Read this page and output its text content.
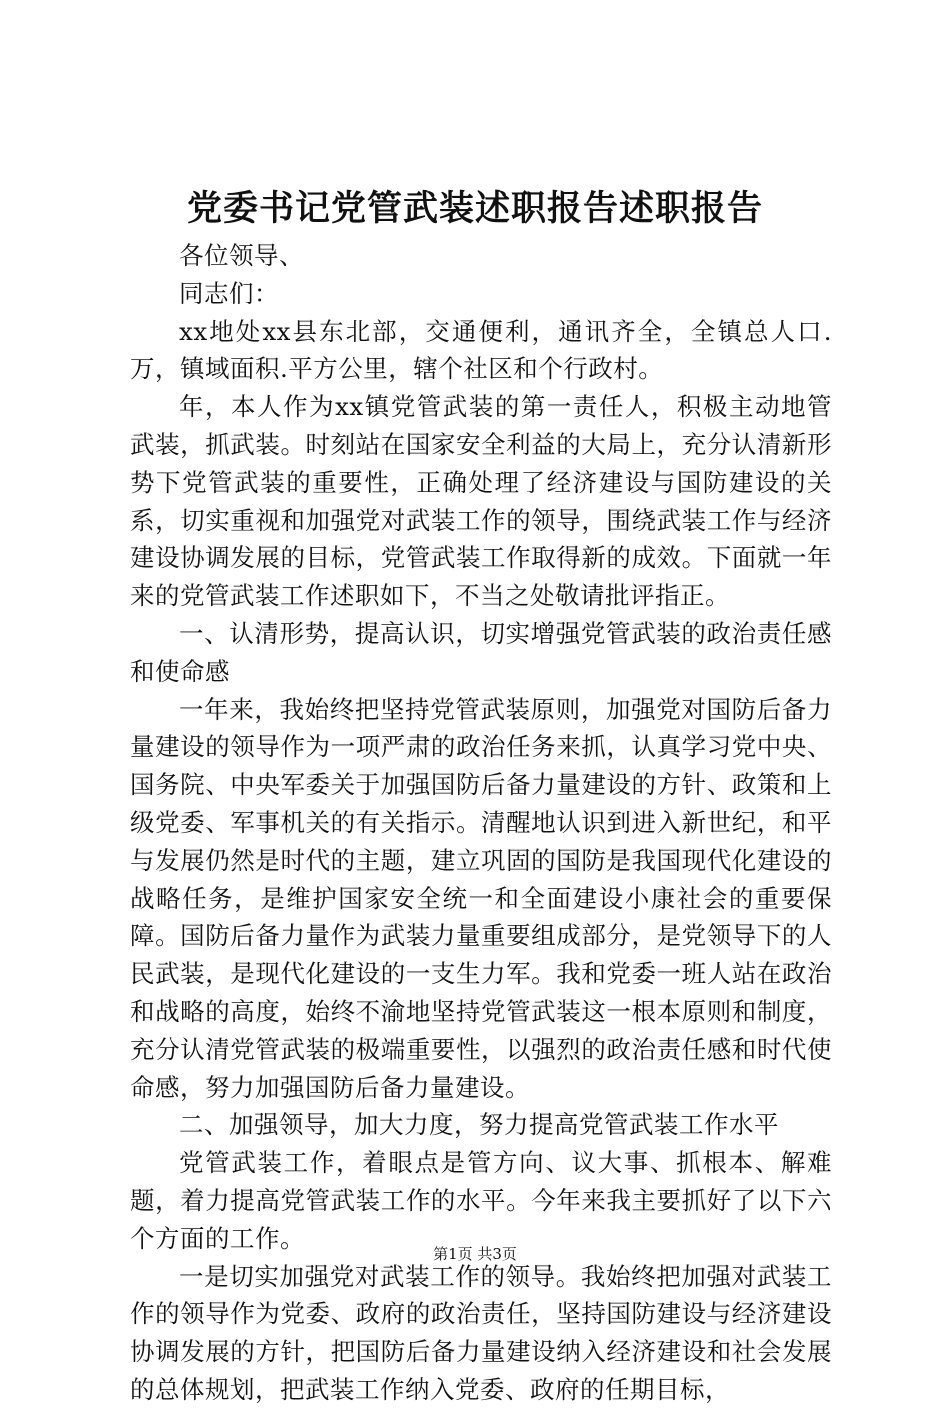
党委书记党管武装述职报告述职报告

各位领导、

同志们：

xx地处xx县东北部，交通便利，通讯齐全，全镇总人口.万，镇域面积.平方公里，辖个社区和个行政村。

年，本人作为xx镇党管武装的第一责任人，积极主动地管武装，抓武装。时刻站在国家安全利益的大局上，充分认清新形势下党管武装的重要性，正确处理了经济建设与国防建设的关系，切实重视和加强党对武装工作的领导，围绕武装工作与经济建设协调发展的目标，党管武装工作取得新的成效。下面就一年来的党管武装工作述职如下，不当之处敬请批评指正。

一、认清形势，提高认识，切实增强党管武装的政治责任感和使命感

一年来，我始终把坚持党管武装原则，加强党对国防后备力量建设的领导作为一项严肃的政治任务来抓，认真学习党中央、国务院、中央军委关于加强国防后备力量建设的方针、政策和上级党委、军事机关的有关指示。清醒地认识到进入新世纪，和平与发展仍然是时代的主题，建立巩固的国防是我国现代化建设的战略任务，是维护国家安全统一和全面建设小康社会的重要保障。国防后备力量作为武装力量重要组成部分，是党领导下的人民武装，是现代化建设的一支生力军。我和党委一班人站在政治和战略的高度，始终不渝地坚持党管武装这一根本原则和制度，充分认清党管武装的极端重要性，以强烈的政治责任感和时代使命感，努力加强国防后备力量建设。

二、加强领导，加大力度，努力提高党管武装工作水平

党管武装工作，着眼点是管方向、议大事、抓根本、解难题，着力提高党管武装工作的水平。今年来我主要抓好了以下六个方面的工作。

一是切实加强党对武装工作的领导。我始终把加强对武装工作的领导作为党委、政府的政治责任，坚持国防建设与经济建设协调发展的方针，把国防后备力量建设纳入经济建设和社会发展的总体规划，把武装工作纳入党委、政府的任期目标，

第1页 共3页
